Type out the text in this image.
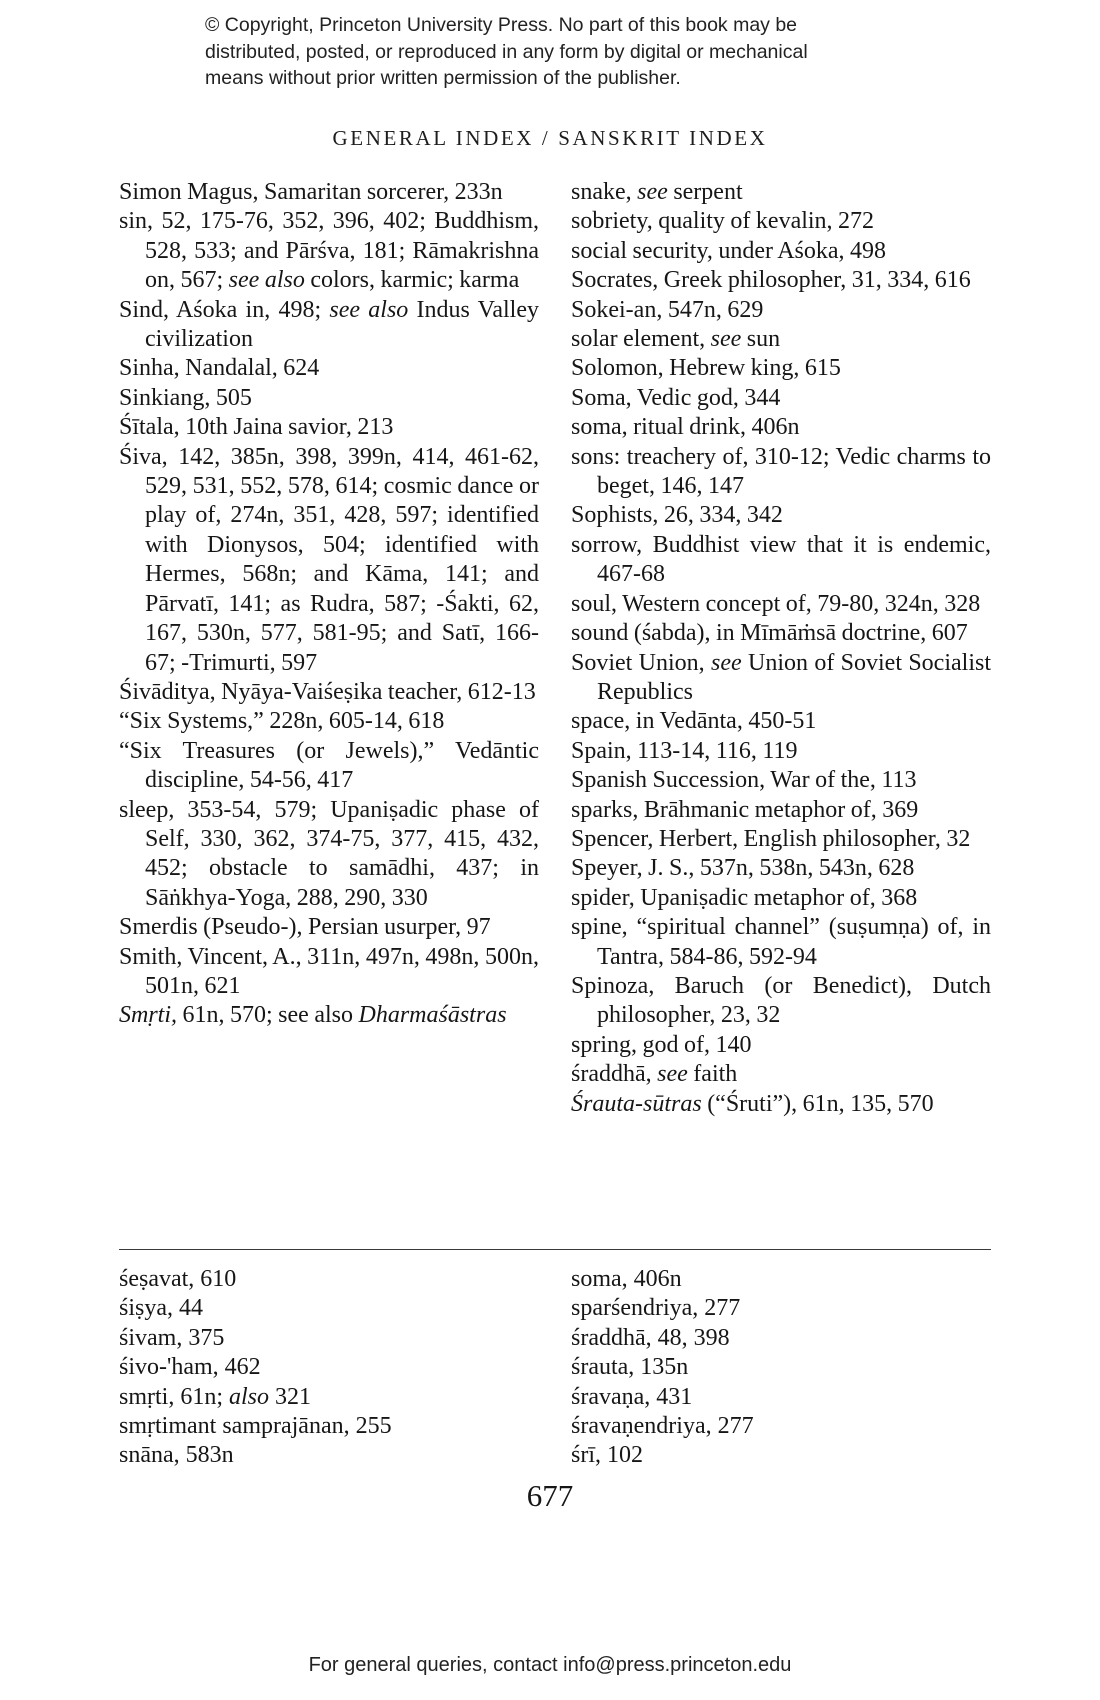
© Copyright, Princeton University Press. No part of this book may be
distributed, posted, or reproduced in any form by digital or mechanical
means without prior written permission of the publisher.
GENERAL INDEX / SANSKRIT INDEX
Simon Magus, Samaritan sorcerer, 233n
sin, 52, 175-76, 352, 396, 402; Buddhism, 528, 533; and Pārśva, 181; Rāmakrishna on, 567; see also colors, karmic; karma
Sind, Aśoka in, 498; see also Indus Valley civilization
Sinha, Nandalal, 624
Sinkiang, 505
Śītala, 10th Jaina savior, 213
Śiva, 142, 385n, 398, 399n, 414, 461-62, 529, 531, 552, 578, 614; cosmic dance or play of, 274n, 351, 428, 597; identified with Dionysos, 504; identified with Hermes, 568n; and Kāma, 141; and Pārvatī, 141; as Rudra, 587; -Śakti, 62, 167, 530n, 577, 581-95; and Satī, 166-67; -Trimurti, 597
Śivāditya, Nyāya-Vaiśeṣika teacher, 612-13
“Six Systems,” 228n, 605-14, 618
“Six Treasures (or Jewels),” Vedāntic discipline, 54-56, 417
sleep, 353-54, 579; Upaniṣadic phase of Self, 330, 362, 374-75, 377, 415, 432, 452; obstacle to samādhi, 437; in Sāṅkhya-Yoga, 288, 290, 330
Smerdis (Pseudo-), Persian usurper, 97
Smith, Vincent, A., 311n, 497n, 498n, 500n, 501n, 621
Smṛti, 61n, 570; see also Dharmaśāstras
snake, see serpent
sobriety, quality of kevalin, 272
social security, under Aśoka, 498
Socrates, Greek philosopher, 31, 334, 616
Sokei-an, 547n, 629
solar element, see sun
Solomon, Hebrew king, 615
Soma, Vedic god, 344
soma, ritual drink, 406n
sons: treachery of, 310-12; Vedic charms to beget, 146, 147
Sophists, 26, 334, 342
sorrow, Buddhist view that it is endemic, 467-68
soul, Western concept of, 79-80, 324n, 328
sound (śabda), in Mīmāṁsā doctrine, 607
Soviet Union, see Union of Soviet Socialist Republics
space, in Vedānta, 450-51
Spain, 113-14, 116, 119
Spanish Succession, War of the, 113
sparks, Brāhmanic metaphor of, 369
Spencer, Herbert, English philosopher, 32
Speyer, J. S., 537n, 538n, 543n, 628
spider, Upaniṣadic metaphor of, 368
spine, “spiritual channel” (suṣumṇa) of, in Tantra, 584-86, 592-94
Spinoza, Baruch (or Benedict), Dutch philosopher, 23, 32
spring, god of, 140
śraddhā, see faith
Śrauta-sūtras (“Śruti”), 61n, 135, 570
śeṣavat, 610
śiṣya, 44
śivam, 375
śivo-'ham, 462
smṛti, 61n; also 321
smṛtimant samprajānan, 255
snāna, 583n
soma, 406n
sparśendriya, 277
śraddhā, 48, 398
śrauta, 135n
śravaṇa, 431
śravaṇendriya, 277
śrī, 102
677
For general queries, contact info@press.princeton.edu
